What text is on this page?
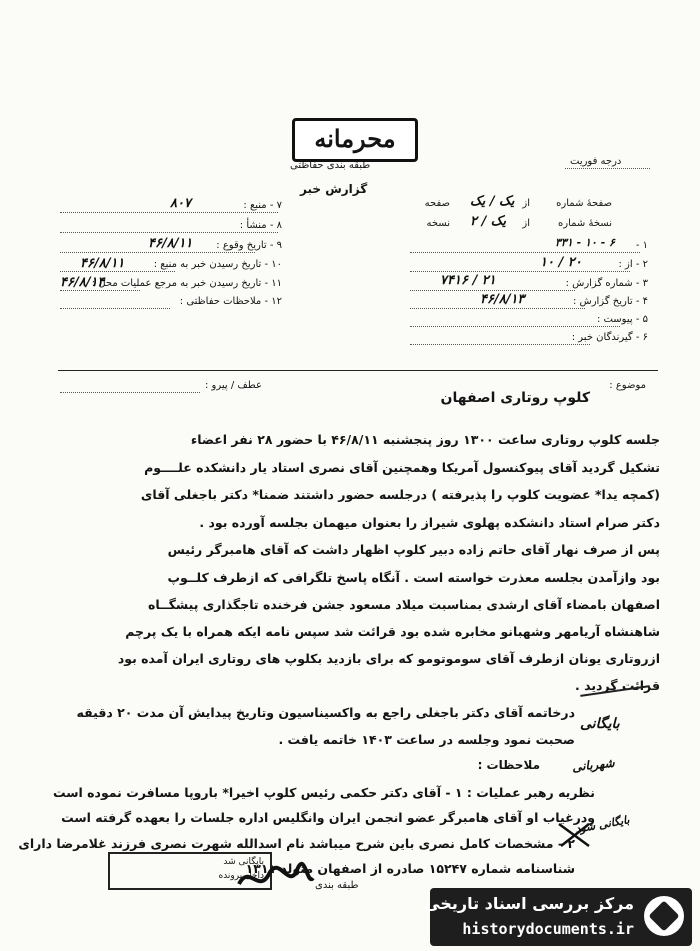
محرمانه
طبقه بندی حفاظتی	درجه فوریت
گزارش خبر
۷ - منبع :
۸۰۷
۸ - منشأ :
۹ - تاریخ وقوع :
۴۶/۸/۱۱
۱۰ - تاریخ رسیدن خبر به منبع :
۴۶/۸/۱۱
۱۱ - تاریخ رسیدن خبر به مرجع عملیات محل :
۴۶/۸/۱۴
۱۲ - ملاحظات حفاظتی :
صفحهٔ شماره
از
صفحه یک / یک
نسخهٔ شماره
از
نسخه یک / ۲
۱ -
۳۳۱ - ۱۰ - ۶
۲ - از :
۱۰ / ۲۰
۳ - شماره گزارش :
۷۴۱۶ / ۲۱
۴ - تاریخ گزارش :
۴۶/۸/۱۳
۵ - پیوست :
۶ - گیرندگان خبر :
موضوع :
کلوپ روتاری اصفهان
عطف / پیرو :
جلسه کلوپ روتاری ساعت ۱۳۰۰ روز پنجشنبه ۴۶/۸/۱۱ با حضور ۲۸ نفر اعضاء
تشکیل گردید آقای پیوکنسول آمریکا وهمچنین آقای نصری استاد یار دانشکده علــــوم
(کمچه یدا* عضویت کلوپ را پذیرفته ) درجلسه حضور داشتند ضمنا* دکتر باجغلی آقای
دکتر صرام استاد دانشکده پهلوی شیراز را بعنوان میهمان بجلسه آورده بود .
پس از صرف نهار آقای حاتم زاده دبیر کلوپ اظهار داشت که آقای هامبرگر رئیس
بود وازآمدن بجلسه معذرت خواسته است . آنگاه پاسخ تلگرافی که ازطرف کلــوپ
اصفهان بامضاء آقای ارشدی بمناسبت میلاد مسعود جشن فرخنده تاجگذاری پیشگــاه
شاهنشاه آریامهر وشهبانو مخابره شده بود قرائت شد سپس نامه ایکه همراه با یک پرچم
ازروتاری یونان ازطرف آقای سوموتومو که برای بازدید بکلوپ های روتاری ایران آمده بود
قرائت گردید .
درخاتمه آقای دکتر باجغلی راجع به واکسیناسیون وتاریخ پیدایش آن مدت ۲۰ دقیقه
صحبت نمود وجلسه در ساعت ۱۴۰۳ خاتمه یافت .
ملاحظات :
نظریه رهبر عملیات : ۱ - آقای دکتر حکمی رئیس کلوپ اخیرا* باروپا مسافرت نموده است
ودرغیاب او آقای هامبرگر عضو انجمن ایران وانگلیس اداره جلسات را بعهده گرفته است
۲ - مشخصات کامل نصری باین شرح میباشد نام اسدالله شهرت نصری فرزند غلامرضا دارای
شناسنامه شماره ۱۵۲۴۷ صادره از اصفهان متولد ۱۳۱۱
بایگانی
شهربانی
بایگانی شود
بایگانی شد
داخل پرونده
طبقه بندی
مرکز بررسی اسناد تاریخی
historydocuments.ir
